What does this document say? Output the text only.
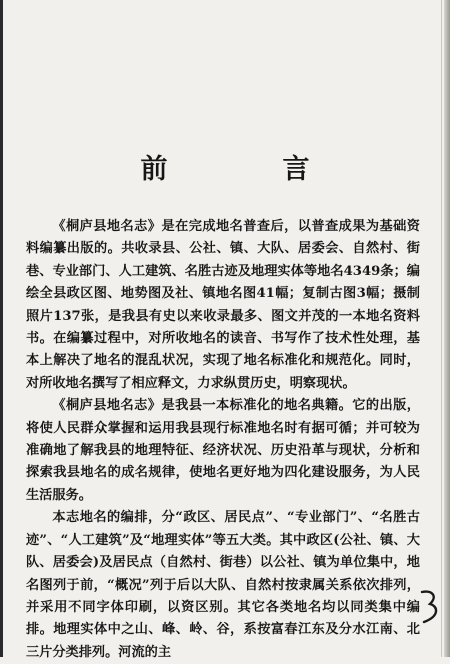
前　言

《桐庐县地名志》是在完成地名普查后，以普查成果为基础资料编纂出版的。共收录县、公社、镇、大队、居委会、自然村、街巷、专业部门、人工建筑、名胜古迹及地理实体等地名4349条；编绘全县政区图、地势图及社、镇地名图41幅；复制古图3幅；摄制照片137张，是我县有史以来收录最多、图文并茂的一本地名资料书。在编纂过程中，对所收地名的读音、书写作了技术性处理，基本上解决了地名的混乱状况，实现了地名标准化和规范化。同时，对所收地名撰写了相应释文，力求纵贯历史，明察现状。

《桐庐县地名志》是我县一本标准化的地名典籍。它的出版，将使人民群众掌握和运用我县现行标准地名时有据可循；并可较为准确地了解我县的地理特征、经济状况、历史沿革与现状，分析和探索我县地名的成名规律，使地名更好地为四化建设服务，为人民生活服务。

本志地名的编排，分“政区、居民点”、“专业部门”、“名胜古迹”、“人工建筑”及“地理实体”等五大类。其中政区(公社、镇、大队、居委会)及居民点（自然村、街巷）以公社、镇为单位集中，地名图列于前，“概况”列于后以大队、自然村按隶属关系依次排列，并采用不同字体印刷，以资区别。其它各类地名均以同类集中编排。地理实体中之山、峰、岭、谷，系按富春江东及分水江南、北三片分类排列。河流的主
